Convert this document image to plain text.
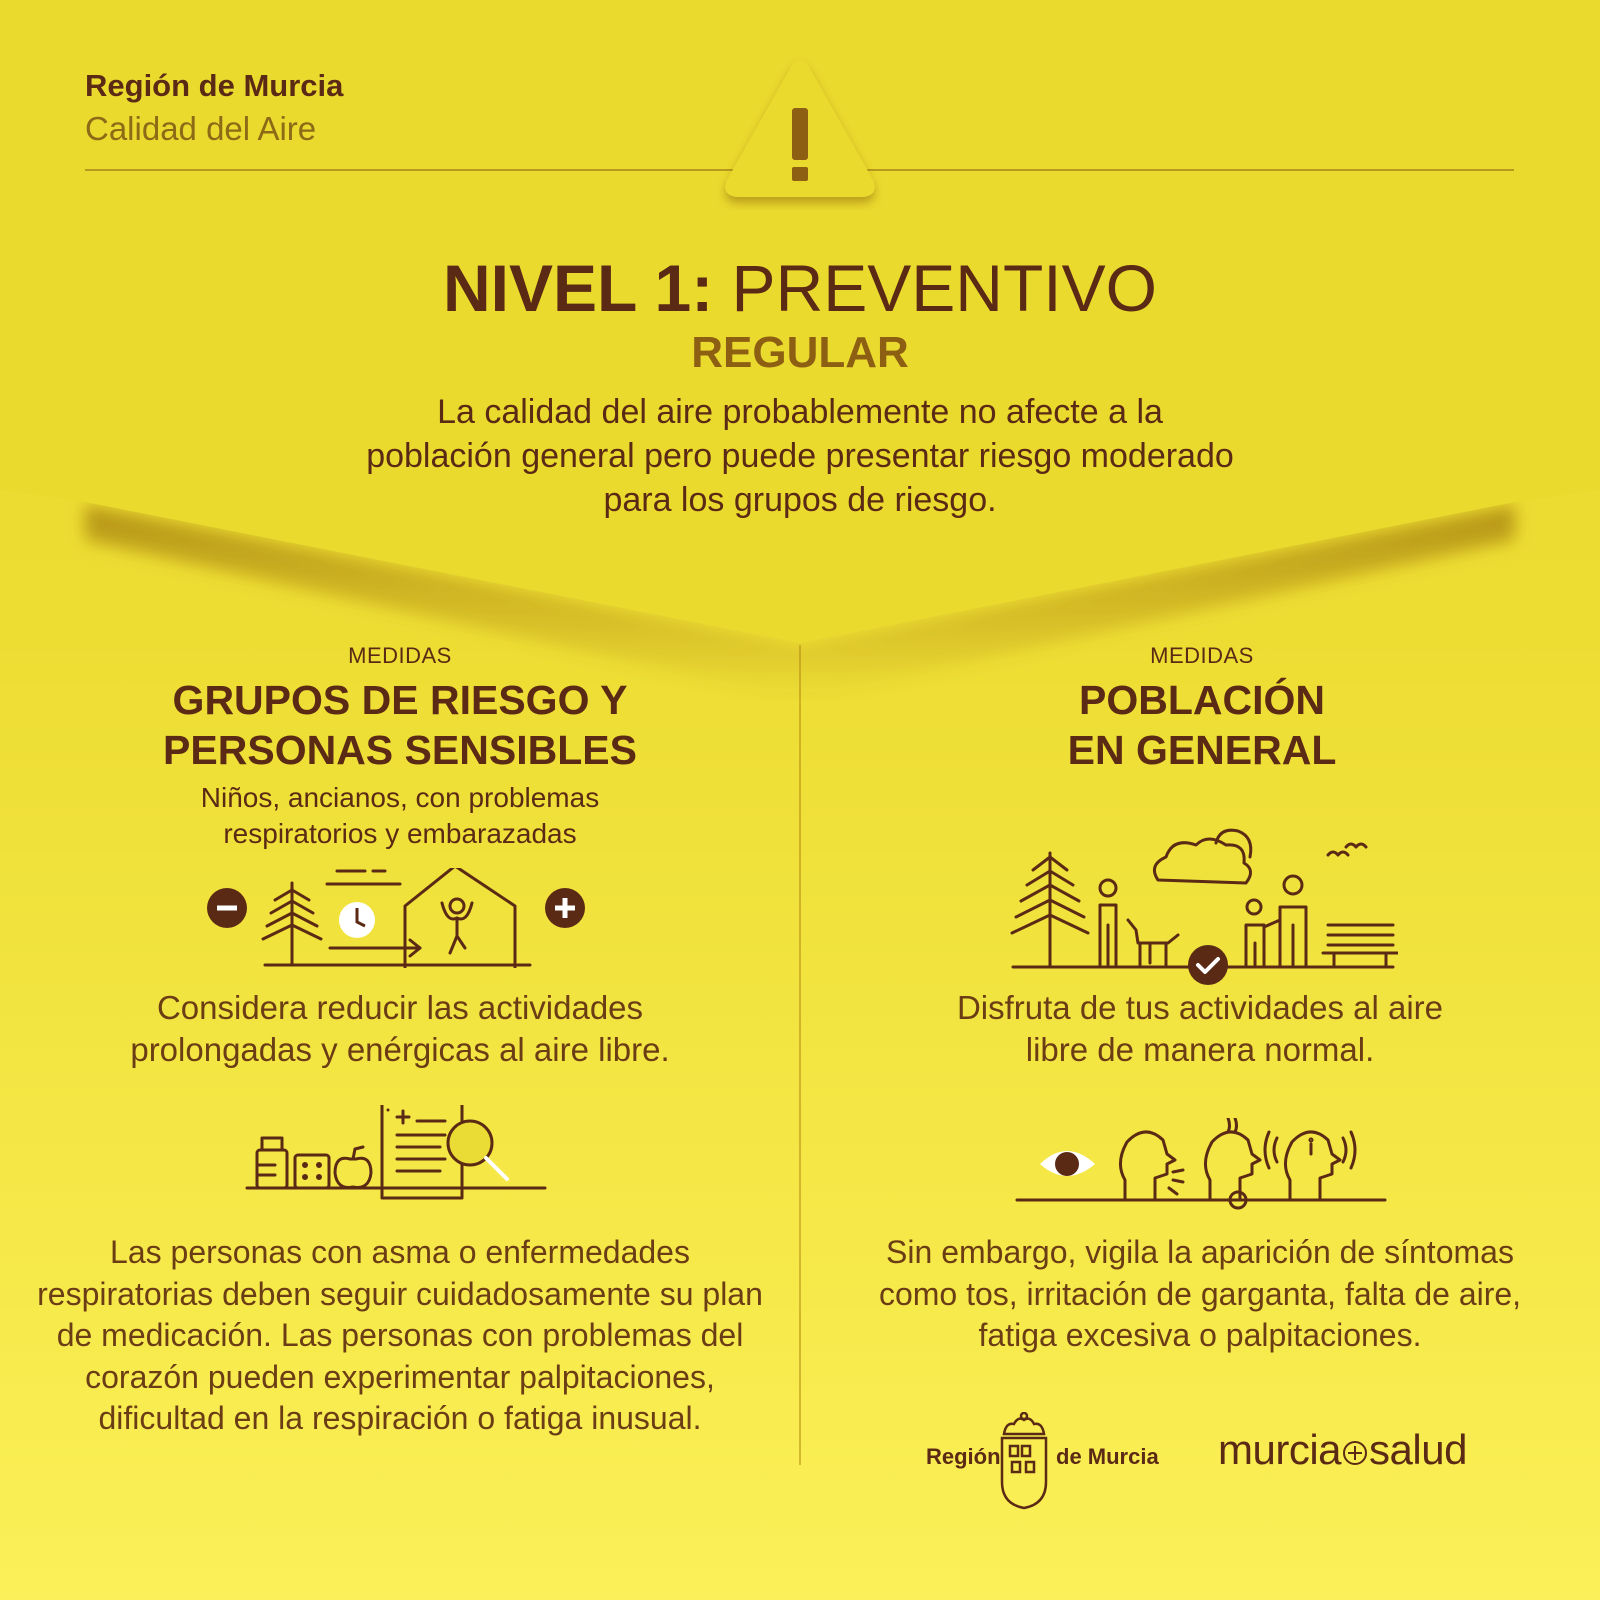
Región de Murcia
Calidad del Aire
NIVEL 1: PREVENTIVO
REGULAR
La calidad del aire probablemente no afecte a la población general pero puede presentar riesgo moderado para los grupos de riesgo.
MEDIDAS
GRUPOS DE RIESGO Y
PERSONAS SENSIBLES
Niños, ancianos, con problemas respiratorios y embarazadas
Considera reducir las actividades prolongadas y enérgicas al aire libre.
Las personas con asma o enfermedades respiratorias deben seguir cuidadosamente su plan de medicación. Las personas con problemas del corazón pueden experimentar palpitaciones, dificultad en la respiración o fatiga inusual.
MEDIDAS
POBLACIÓN
EN GENERAL
Disfruta de tus actividades al aire libre de manera normal.
Sin embargo, vigila la aparición de síntomas como tos, irritación de garganta, falta de aire, fatiga excesiva o palpitaciones.
Región	de Murcia murcia salud
